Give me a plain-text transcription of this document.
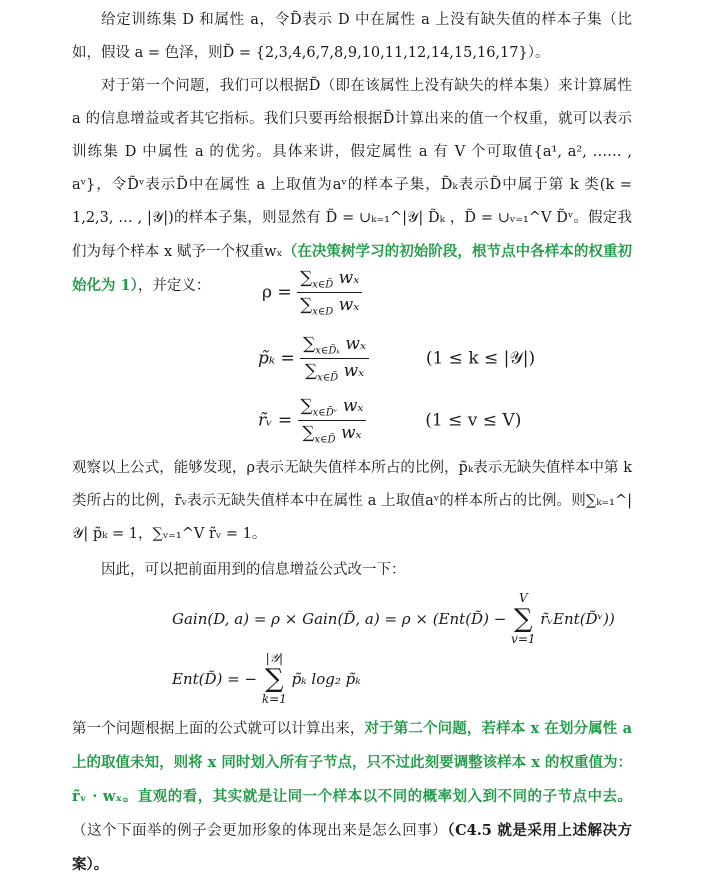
给定训练集 D 和属性 a，令D̃表示 D 中在属性 a 上没有缺失值的样本子集（比如，假设 a = 色泽，则D̃ = {2,3,4,6,7,8,9,10,11,12,14,15,16,17}）。
对于第一个问题，我们可以根据D̃（即在该属性上没有缺失的样本集）来计算属性 a 的信息增益或者其它指标。我们只要再给根据D̃计算出来的值一个权重，就可以表示训练集 D 中属性 a 的优劣。具体来讲，假定属性 a 有 V 个可取值{a¹, a², …… , aᵛ}，令D̃ᵛ表示D̃中在属性 a 上取值为aᵛ的样本子集，D̃ₖ表示D̃中属于第 k 类(k = 1,2,3, … , |𝒴|)的样本子集，则显然有 D̃ = ∪ₖ₌₁^|𝒴| D̃ₖ ，D̃ = ∪ᵥ₌₁^V D̃ᵛ。假定我们为每个样本 x 赋予一个权重wₓ（在决策树学习的初始阶段，根节点中各样本的权重初始化为 1），并定义：	$\rho = \frac{\sum_{x\in D̃} w_x}{\sum_{x\in D} w_x}$
p̃ₖ = $\frac{\sum_{x\in D̃_k} w_x}{\sum_{x\in D̃} w_x}$	(1 ≤ k ≤ |𝒴|)
r̃ᵥ = $\frac{\sum_{x\in D̃ᵛ} w_x}{\sum_{x\in D̃} w_x}$	(1 ≤ v ≤ V)
观察以上公式，能够发现，ρ表示无缺失值样本所占的比例，p̃ₖ表示无缺失值样本中第 k 类所占的比例，r̃ᵥ表示无缺失值样本中在属性 a 上取值aᵛ的样本所占的比例。则∑ₖ₌₁^|𝒴| p̃ₖ = 1，∑ᵥ₌₁^V r̃ᵥ = 1。
因此，可以把前面用到的信息增益公式改一下：
Gain(D, a) = ρ × Gain(D̃, a) = ρ × (Ent(D̃) −
V
∑
v=1
r̃ᵥEnt(D̃ᵛ))
Ent(D̃) = −
|𝒴|
∑
k=1
p̃ₖ log₂ p̃ₖ
第一个问题根据上面的公式就可以计算出来，对于第二个问题，若样本 x 在划分属性 a 上的取值未知，则将 x 同时划入所有子节点，只不过此刻要调整该样本 x 的权重值为：r̃ᵥ · wₓ。直观的看，其实就是让同一个样本以不同的概率划入到不同的子节点中去。（这个下面举的例子会更加形象的体现出来是怎么回事）（C4.5 就是采用上述解决方案）。
